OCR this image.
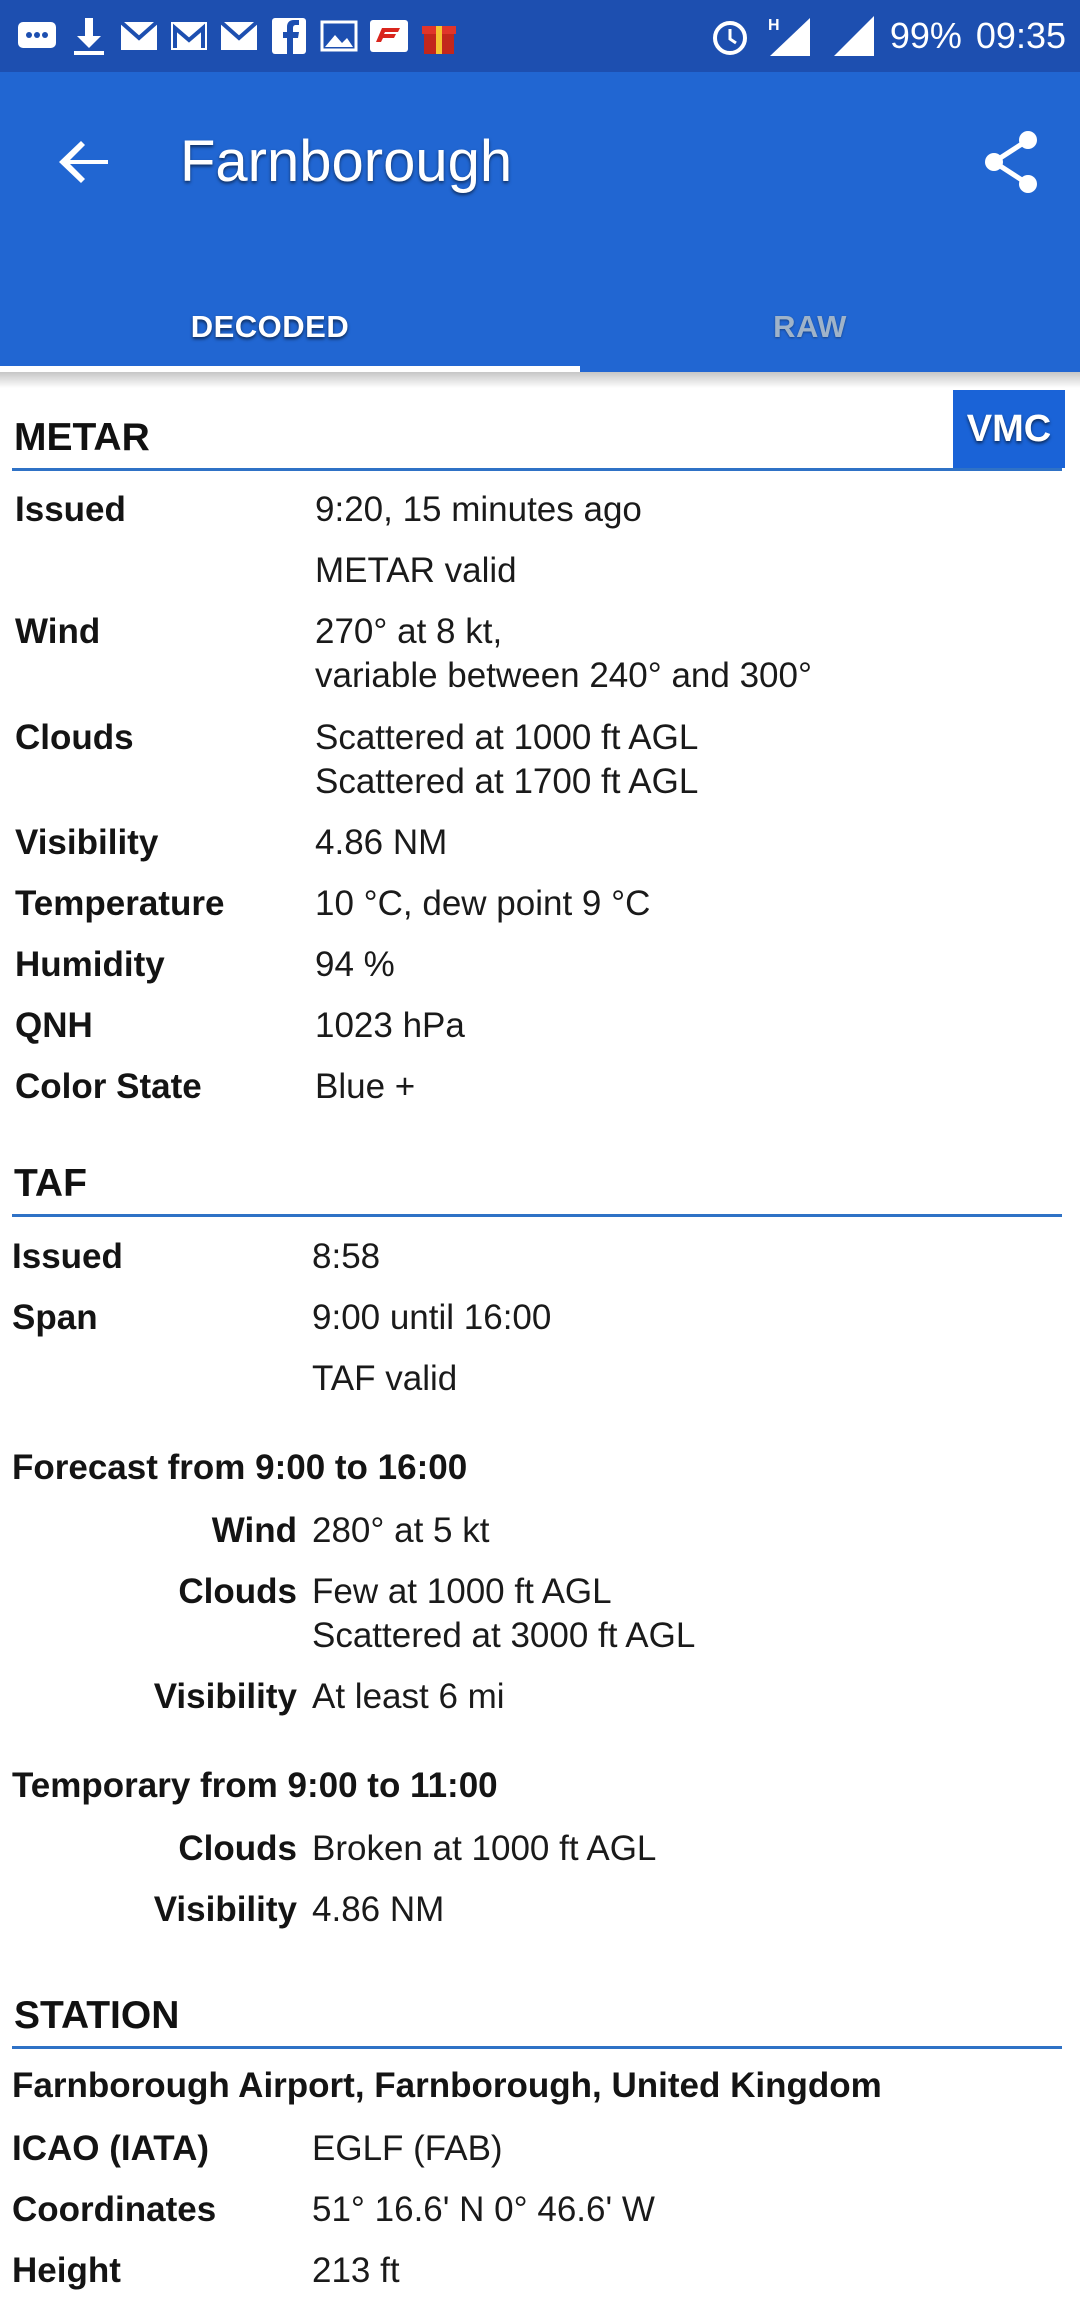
H	99% 09:35
Farnborough
DECODED	RAW
METAR	VMC
Issued	9:20, 15 minutes ago
METAR valid
Wind	270° at 8 kt,
variable between 240° and 300°
Clouds	Scattered at 1000 ft AGL
Scattered at 1700 ft AGL
Visibility	4.86 NM
Temperature	10 °C, dew point 9 °C
Humidity	94 %
QNH	1023 hPa
Color State	Blue +
TAF
Issued	8:58
Span	9:00 until 16:00
TAF valid
Forecast from 9:00 to 16:00
Wind 280° at 5 kt
Clouds Few at 1000 ft AGL
Scattered at 3000 ft AGL
Visibility At least 6 mi
Temporary from 9:00 to 11:00
Clouds Broken at 1000 ft AGL
Visibility 4.86 NM
STATION
Farnborough Airport, Farnborough, United Kingdom
ICAO (IATA)	EGLF (FAB)
Coordinates	51° 16.6' N 0° 46.6' W
Height	213 ft
